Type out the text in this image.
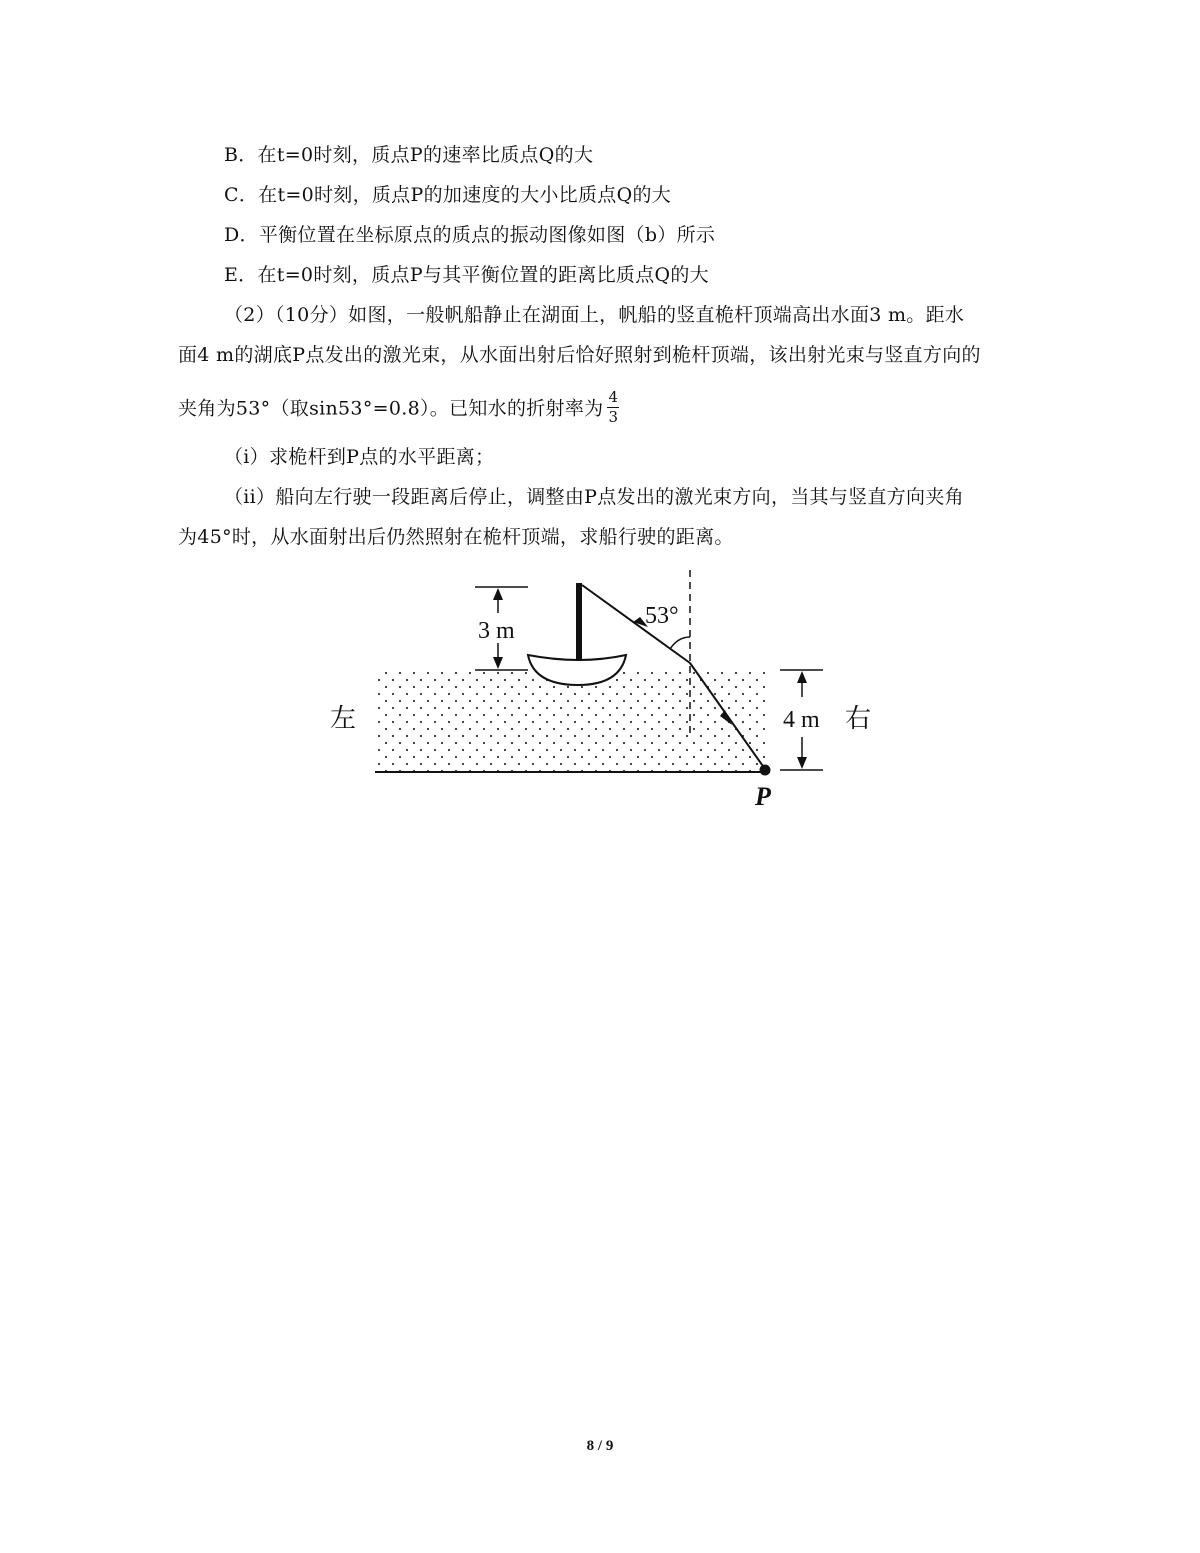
B．在t=0时刻，质点P的速率比质点Q的大
C．在t=0时刻，质点P的加速度的大小比质点Q的大
D．平衡位置在坐标原点的质点的振动图像如图（b）所示
E．在t=0时刻，质点P与其平衡位置的距离比质点Q的大
（2）（10分）如图，一般帆船静止在湖面上，帆船的竖直桅杆顶端高出水面3 m。距水
面4 m的湖底P点发出的激光束，从水面出射后恰好照射到桅杆顶端，该出射光束与竖直方向的
夹角为53°（取sin53°=0.8）。已知水的折射率为 $\frac{4}{3}$
（i）求桅杆到P点的水平距离；
（ii）船向左行驶一段距离后停止，调整由P点发出的激光束方向，当其与竖直方向夹角
为45°时，从水面射出后仍然照射在桅杆顶端，求船行驶的距离。
53°
3 m
4 m
左	右
P
8 / 9
